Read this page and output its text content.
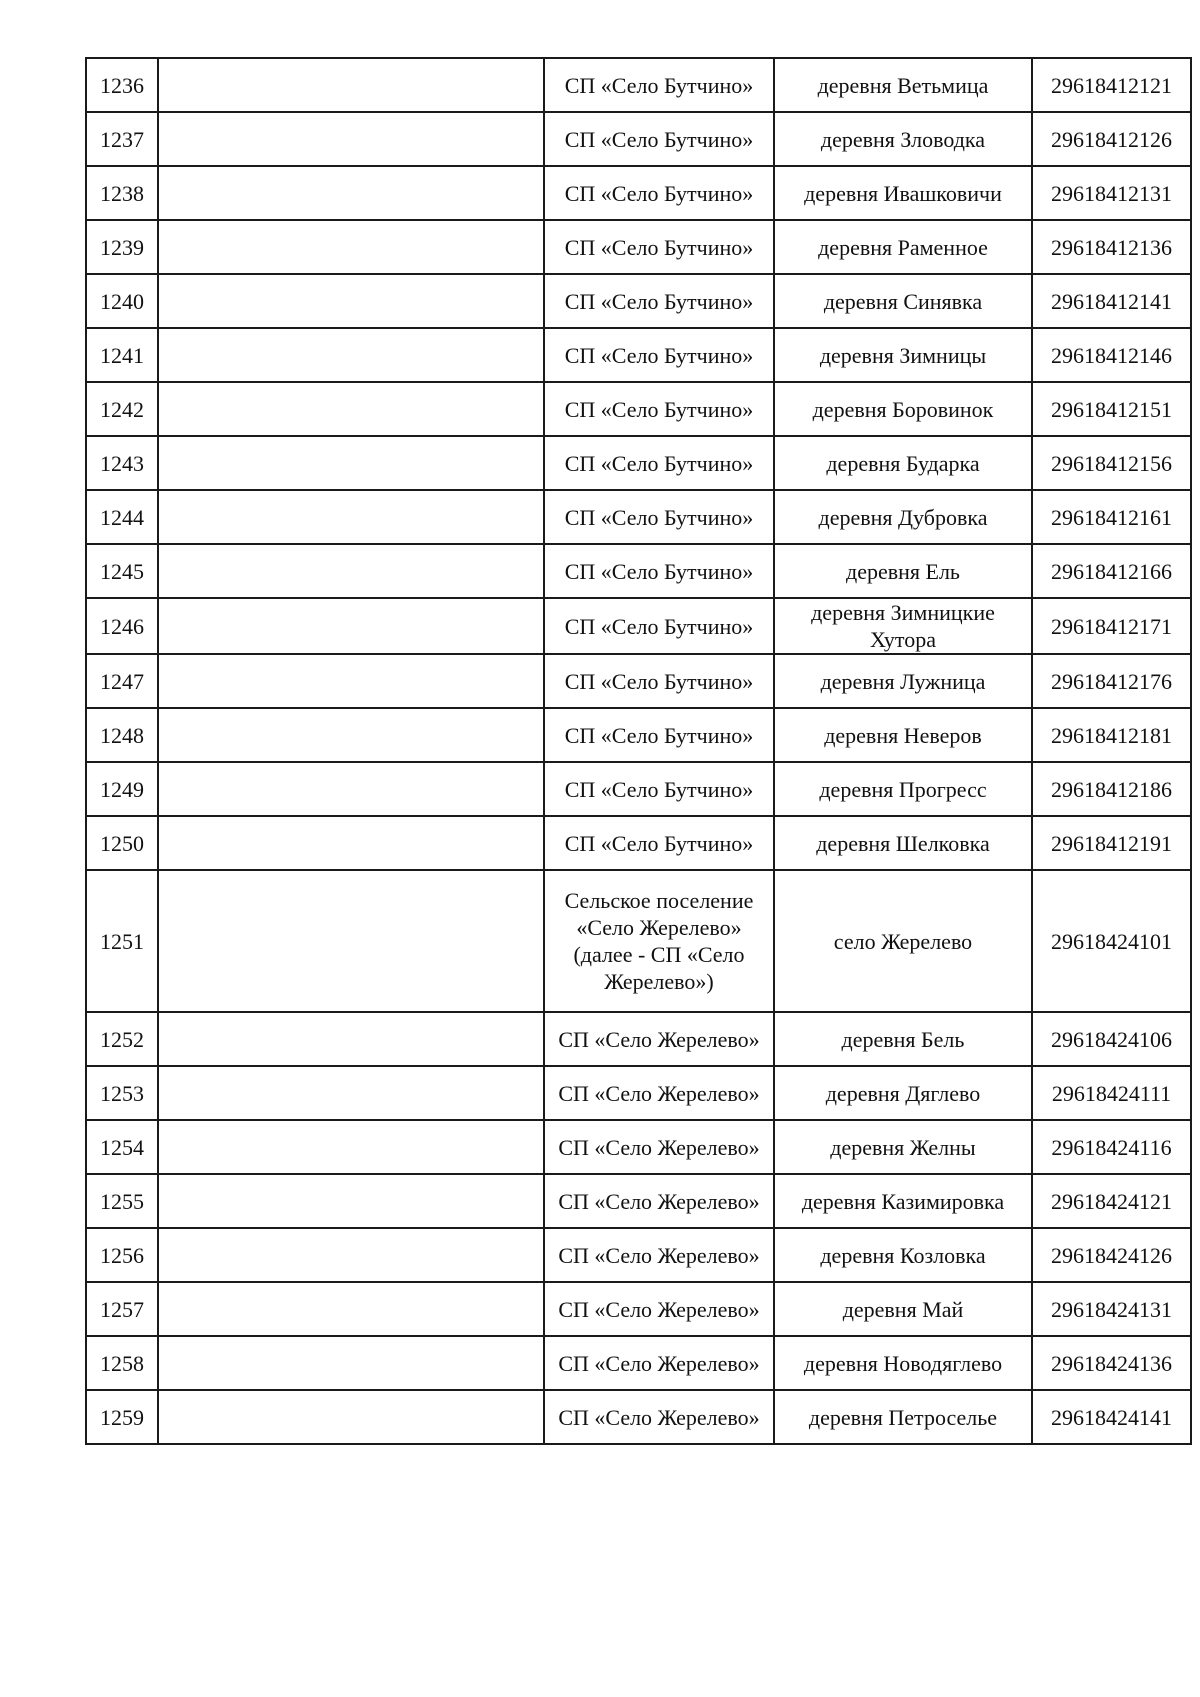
1236		СП «Село Бутчино»	деревня Ветьмица	29618412121
1237		СП «Село Бутчино»	деревня Зловодка	29618412126
1238		СП «Село Бутчино»	деревня Ивашковичи	29618412131
1239		СП «Село Бутчино»	деревня Раменное	29618412136
1240		СП «Село Бутчино»	деревня Синявка	29618412141
1241		СП «Село Бутчино»	деревня Зимницы	29618412146
1242		СП «Село Бутчино»	деревня Боровинок	29618412151
1243		СП «Село Бутчино»	деревня Бударка	29618412156
1244		СП «Село Бутчино»	деревня Дубровка	29618412161
1245		СП «Село Бутчино»	деревня Ель	29618412166
1246		СП «Село Бутчино»	деревня Зимницкие Хутора	29618412171
1247		СП «Село Бутчино»	деревня Лужница	29618412176
1248		СП «Село Бутчино»	деревня Неверов	29618412181
1249		СП «Село Бутчино»	деревня Прогресс	29618412186
1250		СП «Село Бутчино»	деревня Шелковка	29618412191
1251		Сельское поселение «Село Жерелево» (далее - СП «Село Жерелево»)	село Жерелево	29618424101
1252		СП «Село Жерелево»	деревня Бель	29618424106
1253		СП «Село Жерелево»	деревня Дяглево	29618424111
1254		СП «Село Жерелево»	деревня Желны	29618424116
1255		СП «Село Жерелево»	деревня Казимировка	29618424121
1256		СП «Село Жерелево»	деревня Козловка	29618424126
1257		СП «Село Жерелево»	деревня Май	29618424131
1258		СП «Село Жерелево»	деревня Новодяглево	29618424136
1259		СП «Село Жерелево»	деревня Петроселье	29618424141
